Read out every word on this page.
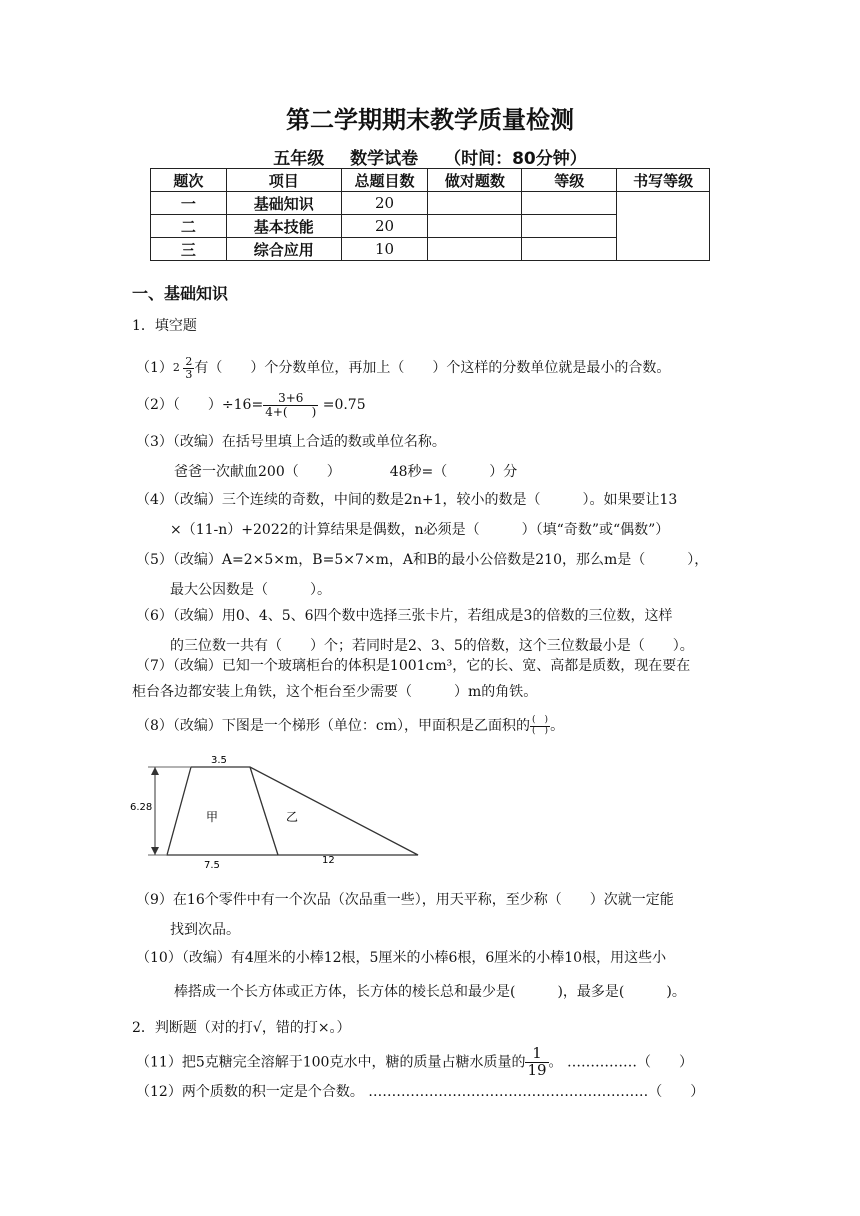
第二学期期末教学质量检测
五年级 数学试卷 （时间：80分钟）
题次	项目	总题目数	做对题数	等级	书写等级
一	基础知识	20			
二	基本技能	20			
三	综合应用	10			
一、基础知识
1．填空题
$(1)2 \frac{2}{3}$ 有（　　）个分数单位，再加上（　　）个这样的分数单位就是最小的合数。
（2）（　　）$\div 16= \frac{3+6}{4+( )} =0.75$
（3）（改编）在括号里填上合适的数或单位名称。
爸爸一次献血200（　　）　　　　48秒=（　　　）分
（4）（改编）三个连续的奇数，中间的数是2n+1，较小的数是（　　　）。如果要让13
×（11-n）+2022的计算结果是偶数，n必须是（　　　）（填“奇数”或“偶数”）
（5）（改编）A=2×5×m，B=5×7×m，A和B的最小公倍数是210，那么m是（　　　），
最大公因数是（　　　）。
（6）（改编）用0、4、5、6四个数中选择三张卡片，若组成是3的倍数的三位数，这样
的三位数一共有（　　）个；若同时是2、3、5的倍数，这个三位数最小是（　　）。
（7）（改编）已知一个玻璃柜台的体积是1001cm³，它的长、宽、高都是质数，现在要在
柜台各边都安装上角铁，这个柜台至少需要（　　　）m的角铁。
（8）（改编）下图是一个梯形（单位：cm），甲面积是乙面积的 $\frac{( )}{( )}$ 。
3.5
6.28
7.5	12
甲	乙
（9）在16个零件中有一个次品（次品重一些），用天平称，至少称（　　）次就一定能
找到次品。
（10）（改编）有4厘米的小棒12根，5厘米的小棒6根，6厘米的小棒10根，用这些小
棒搭成一个长方体或正方体，长方体的棱长总和最少是(　　　)，最多是(　　　)。
2．判断题（对的打√，错的打×。）
（11）把5克糖完全溶解于100克水中，糖的质量占糖水质量的 $\frac{1}{19}$ 。 ……………（　　）
（12）两个质数的积一定是个合数。 ……………………………………………………（　　）
